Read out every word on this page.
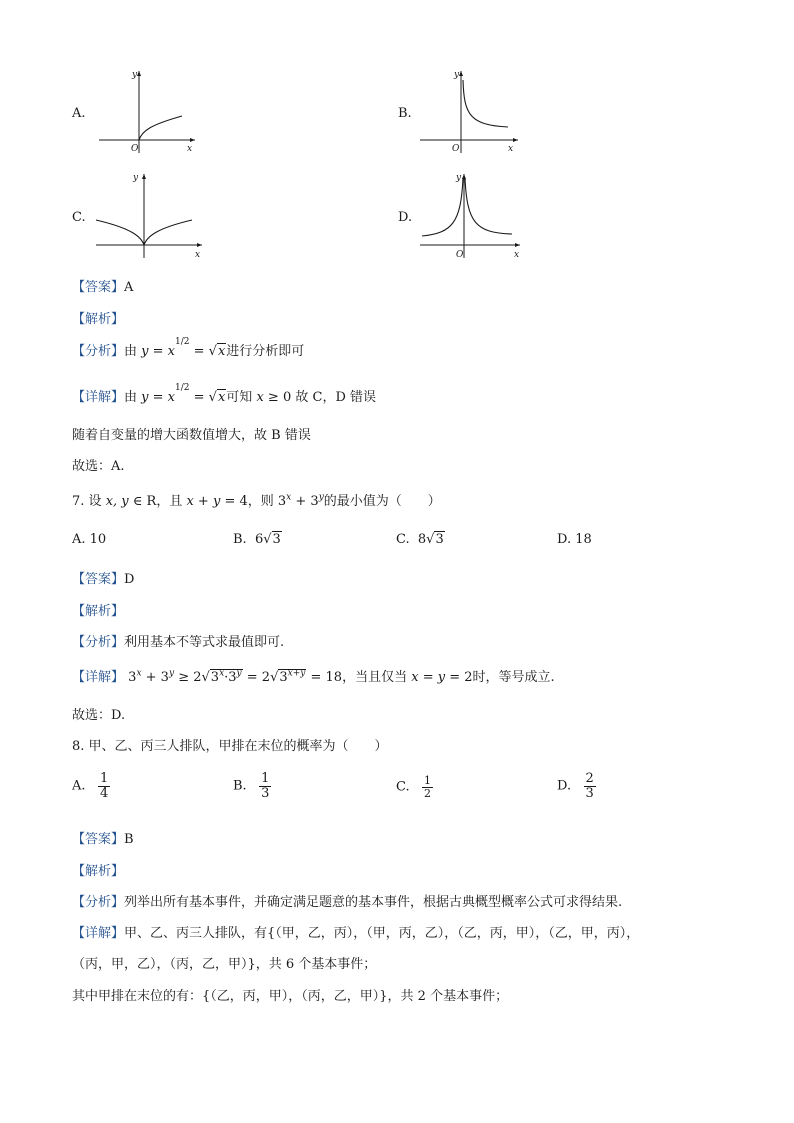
A.
y
O	x
B.
y
O	x
C.
y
x
D.
y
O	x
【答案】A
【解析】
【分析】由 $y = x^{1/2} = √x$进行分析即可
【详解】由 $y = x^{1/2} = √x$可知 x ≥ 0 故 C，D 错误
随着自变量的增大函数值增大，故 B 错误
故选：A.
7. 设 x, y ∈ R，且 x + y = 4，则 $3^x + 3^y$的最小值为（　　）
A. 10	B. 6√3	C. 8√3	D. 18
【答案】D
【解析】
【分析】利用基本不等式求最值即可.
【详解】 $3^x + 3^y \ge 2√3^x\cdot 3^y = 2√3^{x+y} = 18$，当且仅当 x = y = 2时，等号成立.
故选：D.
8. 甲、乙、丙三人排队，甲排在末位的概率为（　　）
A. $\frac{1}{4}$	B. $\frac{1}{3}$	C. $\frac{1}{2}$	D. $\frac{2}{3}$
【答案】B
【解析】
【分析】列举出所有基本事件，并确定满足题意的基本事件，根据古典概型概率公式可求得结果.
【详解】甲、乙、丙三人排队，有{（甲，乙，丙），（甲，丙，乙），（乙，丙，甲），（乙，甲，丙），
（丙，甲，乙），（丙，乙，甲）}，共 6 个基本事件；
其中甲排在末位的有：{（乙，丙，甲），（丙，乙，甲）}，共 2 个基本事件；
